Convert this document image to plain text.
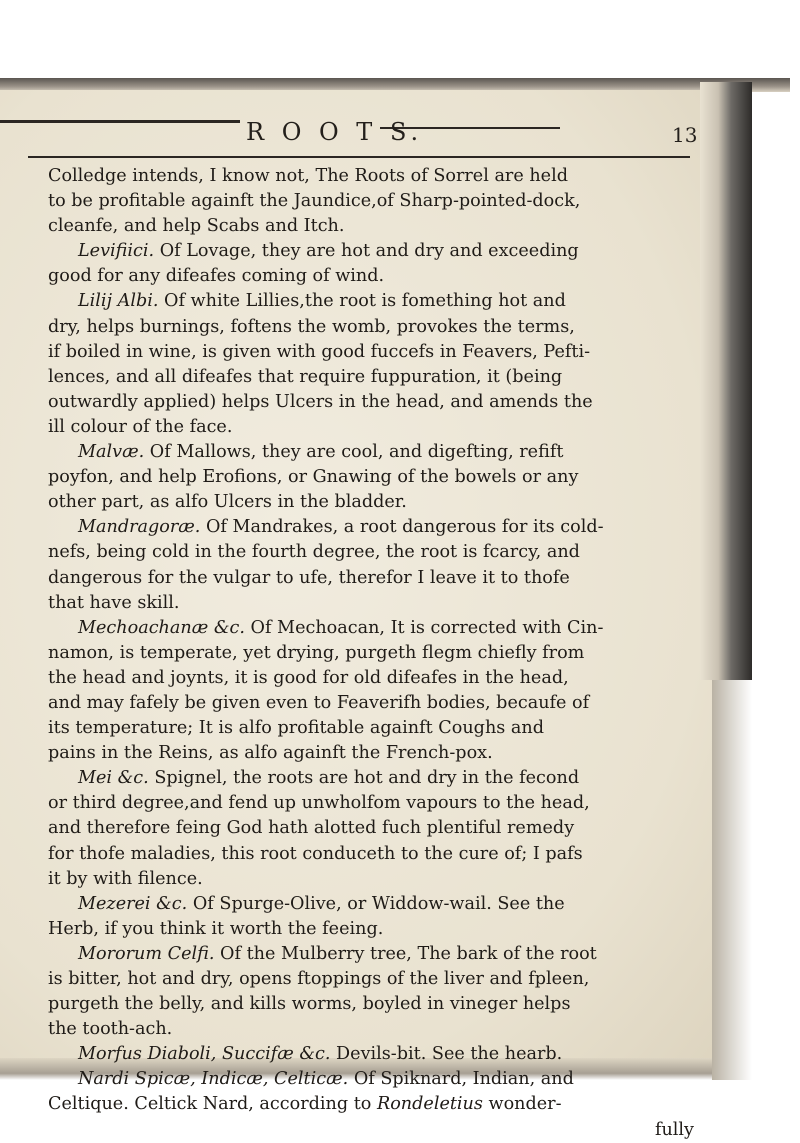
R O O T S.	13
Colledge intends, I know not, The Roots of Sorrel are held
to be profitable againft the Jaundice,of Sharp-pointed-dock,
cleanfe, and help Scabs and Itch.
Levifiici. Of Lovage, they are hot and dry and exceeding
good for any difeafes coming of wind.
Lilij Albi. Of white Lillies,the root is fomething hot and
dry, helps burnings, foftens the womb, provokes the terms,
if boiled in wine, is given with good fuccefs in Feavers, Pefti-
lences, and all difeafes that require fuppuration, it (being
outwardly applied) helps Ulcers in the head, and amends the
ill colour of the face.
Malvæ. Of Mallows, they are cool, and digefting, refift
poyfon, and help Erofions, or Gnawing of the bowels or any
other part, as alfo Ulcers in the bladder.
Mandragoræ. Of Mandrakes, a root dangerous for its cold-
nefs, being cold in the fourth degree, the root is fcarcy, and
dangerous for the vulgar to ufe, therefor I leave it to thofe
that have skill.
Mechoachanæ &c. Of Mechoacan, It is corrected with Cin-
namon, is temperate, yet drying, purgeth flegm chiefly from
the head and joynts, it is good for old difeafes in the head,
and may fafely be given even to Feaverifh bodies, becaufe of
its temperature; It is alfo profitable againft Coughs and
pains in the Reins, as alfo againft the French-pox.
Mei &c. Spignel, the roots are hot and dry in the fecond
or third degree,and fend up unwholfom vapours to the head,
and therefore feing God hath alotted fuch plentiful remedy
for thofe maladies, this root conduceth to the cure of; I pafs
it by with filence.
Mezerei &c. Of Spurge-Olive, or Widdow-wail. See the
Herb, if you think it worth the feeing.
Mororum Celfi. Of the Mulberry tree, The bark of the root
is bitter, hot and dry, opens ftoppings of the liver and fpleen,
purgeth the belly, and kills worms, boyled in vineger helps
the tooth-ach.
Morfus Diaboli, Succifæ &c. Devils-bit. See the hearb.
Nardi Spicæ, Indicæ, Celticæ. Of Spiknard, Indian, and
Celtique. Celtick Nard, according to Rondeletius wonder-
fully
